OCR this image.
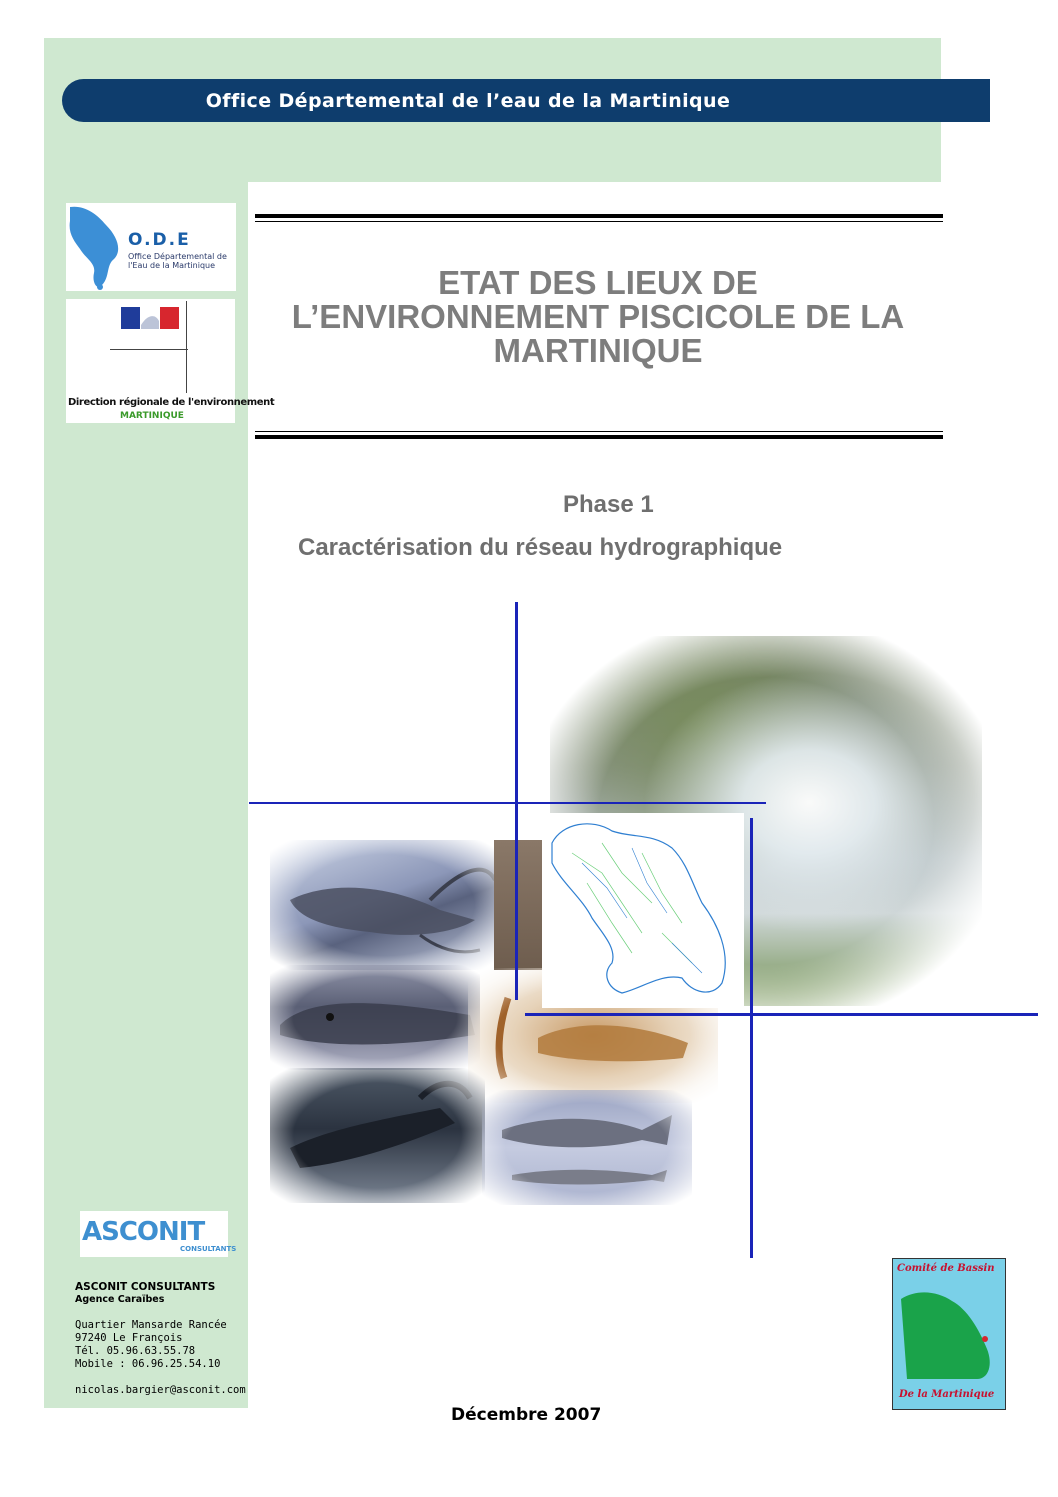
Office Départemental de l’eau de la Martinique
O.D.E
Office Départemental de l'Eau de la Martinique
Direction régionale de l'environnement
MARTINIQUE
ETAT DES LIEUX DE
L’ENVIRONNEMENT PISCICOLE DE LA
MARTINIQUE
Phase 1
Caractérisation du réseau hydrographique
ASCONIT
CONSULTANTS
ASCONIT CONSULTANTS
Agence Caraïbes
Quartier Mansarde Rancée
97240 Le François
Tél. 05.96.63.55.78
Mobile : 06.96.25.54.10
nicolas.bargier@asconit.com
Décembre 2007
Comité de Bassin
De la Martinique
